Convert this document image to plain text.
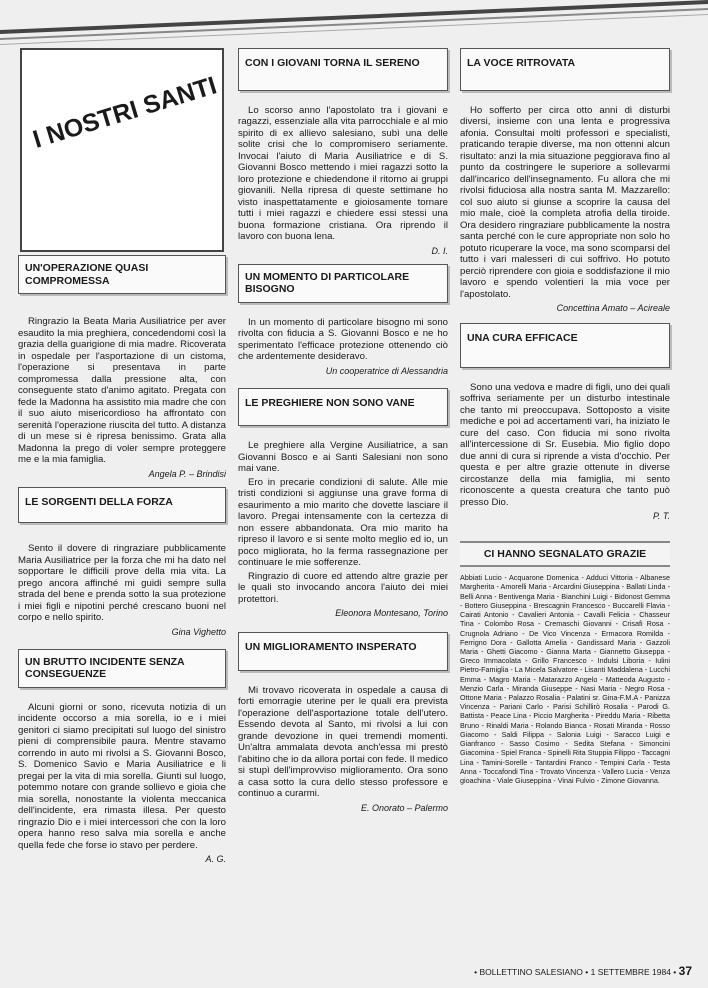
I NOSTRI SANTI
UN'OPERAZIONE QUASI COMPROMESSA

Ringrazio la Beata Maria Ausiliatrice per aver esaudito la mia preghiera, concedendomi così la grazia della guarigione di mia madre. Ricoverata in ospedale per l'asportazione di un cistoma, l'operazione si presentava in parte compromessa dalla pressione alta, con conseguente stato d'animo agitato. Pregata con fede la Madonna ha assistito mia madre che con il suo aiuto misericordioso ha affrontato con serenità l'operazione riuscita del tutto. A distanza di un mese si è ripresa benissimo. Grata alla Madonna la prego di voler sempre proteggere me e la mia famiglia.

Angela P. – Brindisi
LE SORGENTI DELLA FORZA

Sento il dovere di ringraziare pubblicamente Maria Ausiliatrice per la forza che mi ha dato nel sopportare le difficili prove della mia vita. La prego ancora affinché mi guidi sempre sulla strada del bene e prenda sotto la sua protezione i miei figli e nipotini perché crescano buoni nel corpo e nello spirito.

Gina Vighetto
UN BRUTTO INCIDENTE SENZA CONSEGUENZE

Alcuni giorni or sono, ricevuta notizia di un incidente occorso a mia sorella, io e i miei genitori ci siamo precipitati sul luogo del sinistro pieni di comprensibile paura. Mentre stavamo correndo in auto mi rivolsi a S. Giovanni Bosco, S. Domenico Savio e Maria Ausiliatrice e li pregai per la vita di mia sorella. Giunti sul luogo, potemmo notare con grande sollievo e gioia che mia sorella, nonostante la violenta meccanica dell'incidente, era rimasta illesa. Per questo ringrazio Dio e i miei intercessori che con la loro opera hanno reso salva mia sorella e anche quella fede che forse io stavo per perdere.

A. G.
CON I GIOVANI TORNA IL SERENO

Lo scorso anno l'apostolato tra i giovani e ragazzi, essenziale alla vita parrocchiale e al mio spirito di ex allievo salesiano, subì una delle solite crisi che lo compromisero seriamente. Invocai l'aiuto di Maria Ausiliatrice e di S. Giovanni Bosco mettendo i miei ragazzi sotto la loro protezione e chiedendone il ritorno ai gruppi giovanili. Nella ripresa di queste settimane ho visto inaspettatamente e gioiosamente tornare tutti i miei ragazzi e chiedere essi stessi una buona formazione cristiana. Ora riprendo il lavoro con buona lena.

D. I.
UN MOMENTO DI PARTICOLARE BISOGNO

In un momento di particolare bisogno mi sono rivolta con fiducia a S. Giovanni Bosco e ne ho sperimentato l'efficace protezione ottenendo ciò che ardentemente desideravo.

Un cooperatrice di Alessandria
LE PREGHIERE NON SONO VANE

Le preghiere alla Vergine Ausiliatrice, a san Giovanni Bosco e ai Santi Salesiani non sono mai vane.

Ero in precarie condizioni di salute. Alle mie tristi condizioni si aggiunse una grave forma di esaurimento a mio marito che dovette lasciare il lavoro. Pregai intensamente con la certezza di non essere abbandonata. Ora mio marito ha ripreso il lavoro e si sente molto meglio ed io, un poco migliorata, ho la ferma rassegnazione per continuare le mie sofferenze.

Ringrazio di cuore ed attendo altre grazie per le quali sto invocando ancora l'aiuto dei miei protettori.

Eleonora Montesano, Torino
UN MIGLIORAMENTO INSPERATO

Mi trovavo ricoverata in ospedale a causa di forti emorragie uterine per le quali era prevista l'operazione dell'asportazione totale dell'utero. Essendo devota al Santo, mi rivolsi a lui con grande devozione in quei tremendi momenti. Un'altra ammalata devota anch'essa mi prestò l'abitino che io da allora portai con fede. Il medico si stupì dell'improvviso miglioramento. Ora sono a casa sotto la cura dello stesso professore e continuo a curarmi.

E. Onorato – Palermo
LA VOCE RITROVATA

Ho sofferto per circa otto anni di disturbi diversi, insieme con una lenta e progressiva afonia. Consultai molti professori e specialisti, praticando terapie diverse, ma non ottenni alcun risultato: anzi la mia situazione peggiorava fino al punto da costringere le superiore a sollevarmi dall'incarico dell'insegnamento. Fu allora che mi rivolsi fiduciosa alla nostra santa M. Mazzarello: col suo aiuto si giunse a scoprire la causa del mio male, cioè la completa atrofia della tiroide. Ora desidero ringraziare pubblicamente la nostra santa perché con le cure appropriate non solo ho potuto ricuperare la voce, ma sono scomparsi del tutto i vari malesseri di cui soffrivo. Ho potuto perciò riprendere con gioia e soddisfazione il mio lavoro e spendo volentieri la mia voce per l'apostolato.

Concettina Amato – Acireale
UNA CURA EFFICACE

Sono una vedova e madre di figli, uno dei quali soffriva seriamente per un disturbo intestinale che tanto mi preoccupava. Sottoposto a visite mediche e poi ad accertamenti vari, ha iniziato le cure del caso. Con fiducia mi sono rivolta all'intercessione di Sr. Eusebia. Mio figlio dopo due anni di cura si riprende a vista d'occhio. Per questa e per altre grazie ottenute in diverse circostanze della mia famiglia, mi sento riconoscente a questa creatura che tanto può presso Dio.

P. T.
CI HANNO SEGNALATO GRAZIE

Abbiati Lucio - Acquarone Domenica - Adduci Vittoria - Albanese Margherita - Amorelli Maria - Arcardini Giuseppina - Ballati Linda - Belli Anna - Bentivenga Maria - Bianchini Luigi - Bidonost Gemma - Bottero Giuseppina - Brescagnin Francesco - Buccarelli Flavia - Cairati Antonio - Cavalieri Antonia - Cavalli Felicia - Chasseur Tina - Colombo Rosa - Cremaschi Giovanni - Crisafi Rosa - Crugnola Adriano - De Vico Vincenza - Ermacora Romilda - Ferrigno Dora - Gallotta Amelia - Gandissard Maria - Gazzoli Maria - Ghetti Giacomo - Gianna Marta - Giannetto Giuseppa - Greco Immacolata - Grillo Francesco - Indulsi Liboria - Iulini Pietro-Famiglia - La Micela Salvatore - Lisanti Maddalena - Lucchi Emma - Magro Maria - Matarazzo Angelo - Matteoda Augusto - Menzio Carla - Miranda Giuseppe - Nasi Maria - Negro Rosa - Ottone Maria - Palazzo Rosalia - Palatini sr. Gina-F.M.A - Panizza Vincenza - Pariani Carlo - Parisi Schillirò Rosalia - Parodi G. Battista - Peace Lina - Piccio Margherita - Pireddu Maria - Ribetta Bruno - Rinaldi Maria - Rolando Bianca - Rosati Miranda - Rosso Giacomo - Saldi Filippa - Salonia Luigi - Saracco Luigi e Gianfranco - Sasso Cosimo - Sedita Stefana - Simoncini Giacomina - Spiel Franca - Spinelli Rita Stuppia Filippo - Taccagni Lina - Tamini-Sorelle - Tantardini Franco - Tempini Carla - Testa Anna - Toccafondi Tina - Trovato Vincenza - Vallero Lucia - Venza gioachina - Viale Giuseppina - Vinai Fulvio - Zimone Giovanna.

• BOLLETTINO SALESIANO • 1 SETTEMBRE 1984 • 37
